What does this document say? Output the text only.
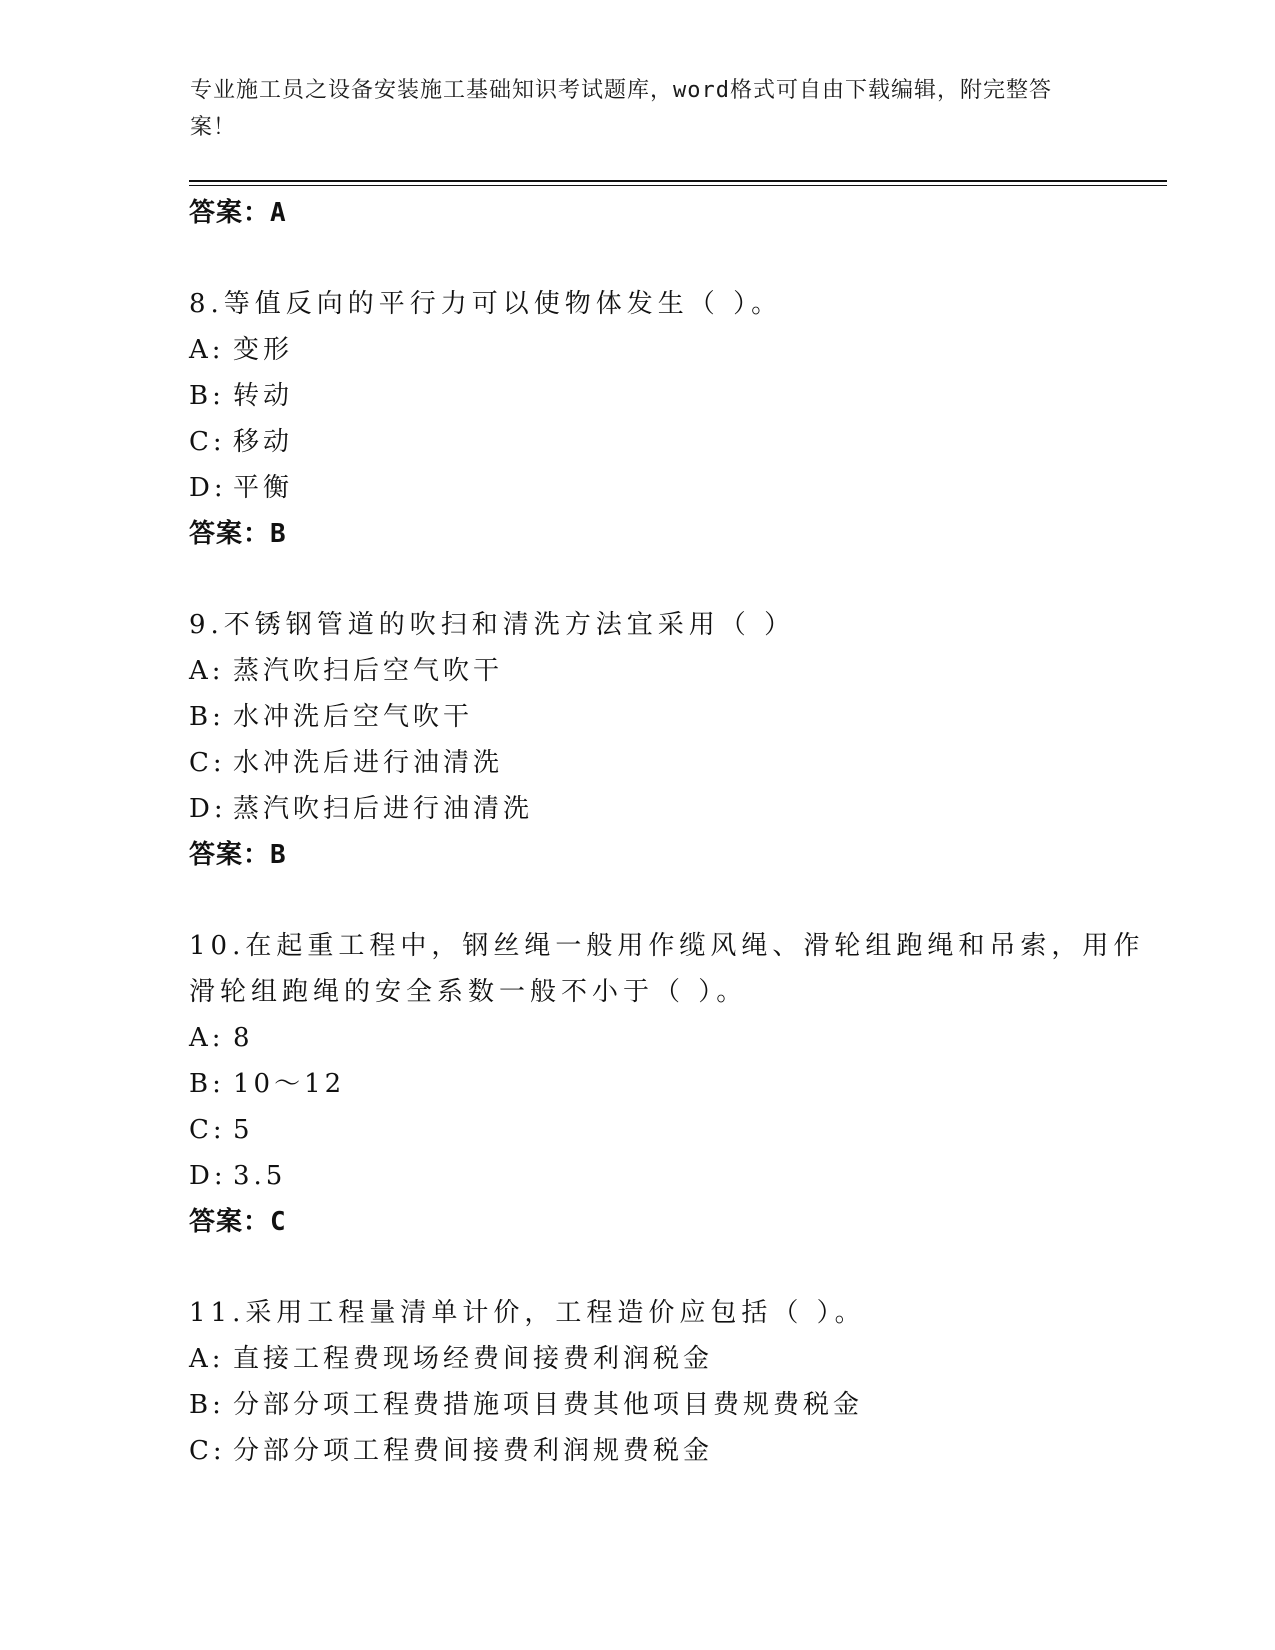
专业施工员之设备安装施工基础知识考试题库，word格式可自由下载编辑，附完整答案！
答案：A
8.等值反向的平行力可以使物体发生（ ）。
A: 变形
B: 转动
C: 移动
D: 平衡
答案：B
9.不锈钢管道的吹扫和清洗方法宜采用（ ）
A: 蒸汽吹扫后空气吹干
B: 水冲洗后空气吹干
C: 水冲洗后进行油清洗
D: 蒸汽吹扫后进行油清洗
答案：B
10.在起重工程中，钢丝绳一般用作缆风绳、滑轮组跑绳和吊索，用作滑轮组跑绳的安全系数一般不小于（ ）。
A: 8
B: 10～12
C: 5
D: 3.5
答案：C
11.采用工程量清单计价，工程造价应包括（ ）。
A: 直接工程费现场经费间接费利润税金
B: 分部分项工程费措施项目费其他项目费规费税金
C: 分部分项工程费间接费利润规费税金
